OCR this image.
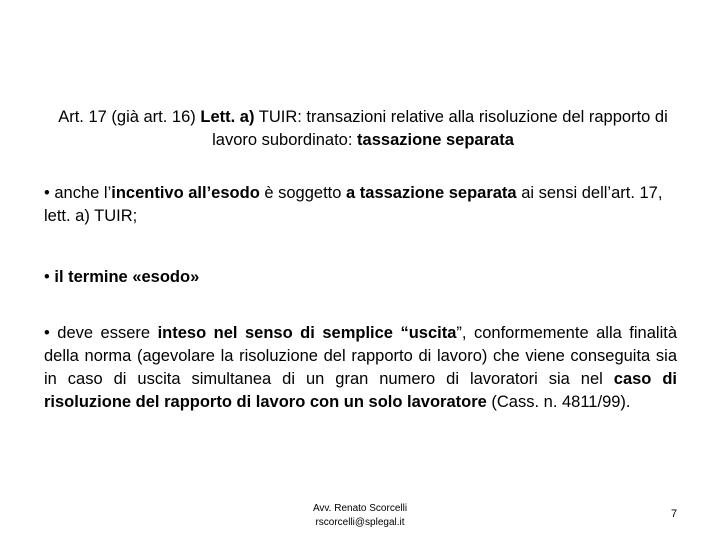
Art. 17 (già art. 16) Lett. a) TUIR: transazioni relative alla risoluzione del rapporto di lavoro subordinato: tassazione separata
• anche l’incentivo all’esodo è soggetto a tassazione separata ai sensi dell’art. 17, lett. a) TUIR;
• il termine «esodo»
• deve essere inteso nel senso di semplice “uscita”, conformemente alla finalità della norma (agevolare la risoluzione del rapporto di lavoro) che viene conseguita sia in caso di uscita simultanea di un gran numero di lavoratori sia nel caso di risoluzione del rapporto di lavoro con un solo lavoratore (Cass. n. 4811/99).
Avv. Renato Scorcelli
rscorcelli@splegal.it
7
